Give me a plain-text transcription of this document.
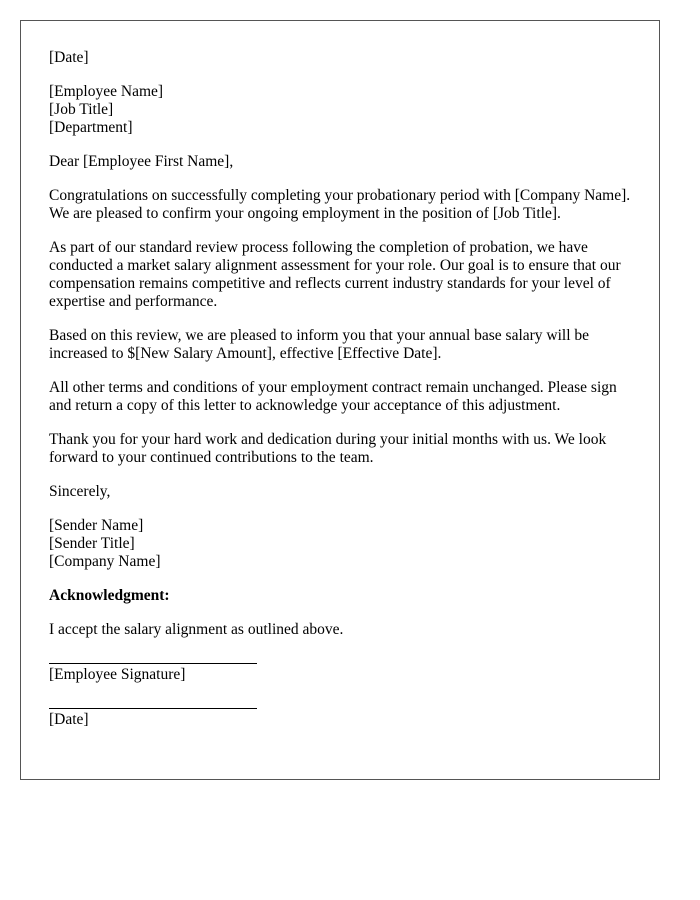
[Date]
[Employee Name]
[Job Title]
[Department]
Dear [Employee First Name],

Congratulations on successfully completing your probationary period with [Company Name]. We are pleased to confirm your ongoing employment in the position of [Job Title].

As part of our standard review process following the completion of probation, we have conducted a market salary alignment assessment for your role. Our goal is to ensure that our compensation remains competitive and reflects current industry standards for your level of expertise and performance.

Based on this review, we are pleased to inform you that your annual base salary will be increased to $[New Salary Amount], effective [Effective Date].

All other terms and conditions of your employment contract remain unchanged. Please sign and return a copy of this letter to acknowledge your acceptance of this adjustment.

Thank you for your hard work and dedication during your initial months with us. We look forward to your continued contributions to the team.

Sincerely,
[Sender Name]
[Sender Title]
[Company Name]
Acknowledgment:
I accept the salary alignment as outlined above.
[Employee Signature]
[Date]
